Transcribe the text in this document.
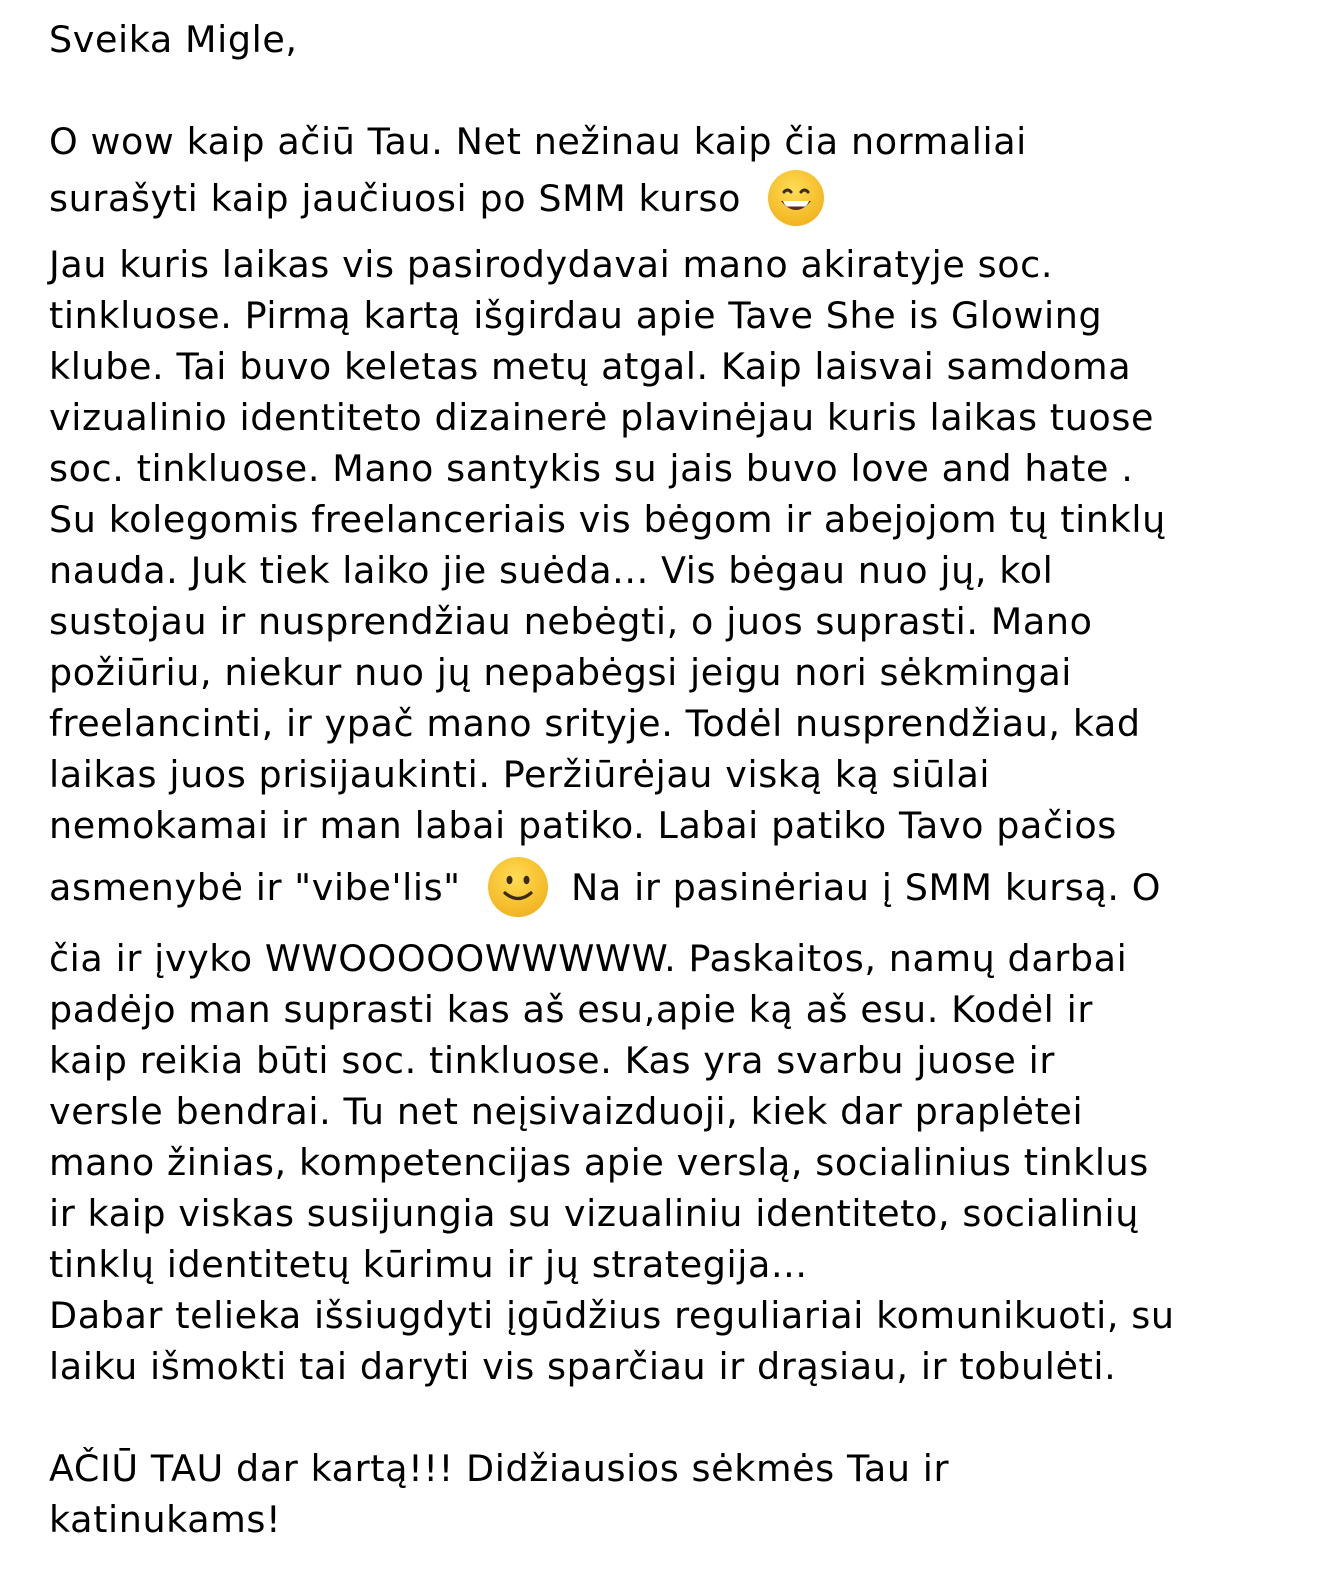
Sveika Migle,
O wow kaip ačiū Tau. Net nežinau kaip čia normaliai
surašyti kaip jaučiuosi po SMM kurso
Jau kuris laikas vis pasirodydavai mano akiratyje soc.
tinkluose. Pirmą kartą išgirdau apie Tave She is Glowing
klube. Tai buvo keletas metų atgal. Kaip laisvai samdoma
vizualinio identiteto dizainerė plavinėjau kuris laikas tuose
soc. tinkluose. Mano santykis su jais buvo love and hate .
Su kolegomis freelanceriais vis bėgom ir abejojom tų tinklų
nauda. Juk tiek laiko jie suėda... Vis bėgau nuo jų, kol
sustojau ir nusprendžiau nebėgti, o juos suprasti. Mano
požiūriu, niekur nuo jų nepabėgsi jeigu nori sėkmingai
freelancinti, ir ypač mano srityje. Todėl nusprendžiau, kad
laikas juos prisijaukinti. Peržiūrėjau viską ką siūlai
nemokamai ir man labai patiko. Labai patiko Tavo pačios
asmenybė ir "vibe'lis"	Na ir pasinėriau į SMM kursą. O
čia ir įvyko WWOOOOOWWWWW. Paskaitos, namų darbai
padėjo man suprasti kas aš esu,apie ką aš esu. Kodėl ir
kaip reikia būti soc. tinkluose. Kas yra svarbu juose ir
versle bendrai. Tu net neįsivaizduoji, kiek dar praplėtei
mano žinias, kompetencijas apie verslą, socialinius tinklus
ir kaip viskas susijungia su vizualiniu identiteto, socialinių
tinklų identitetų kūrimu ir jų strategija...
Dabar telieka išsiugdyti įgūdžius reguliariai komunikuoti, su
laiku išmokti tai daryti vis sparčiau ir drąsiau, ir tobulėti.
AČIŪ TAU dar kartą!!! Didžiausios sėkmės Tau ir
katinukams!
